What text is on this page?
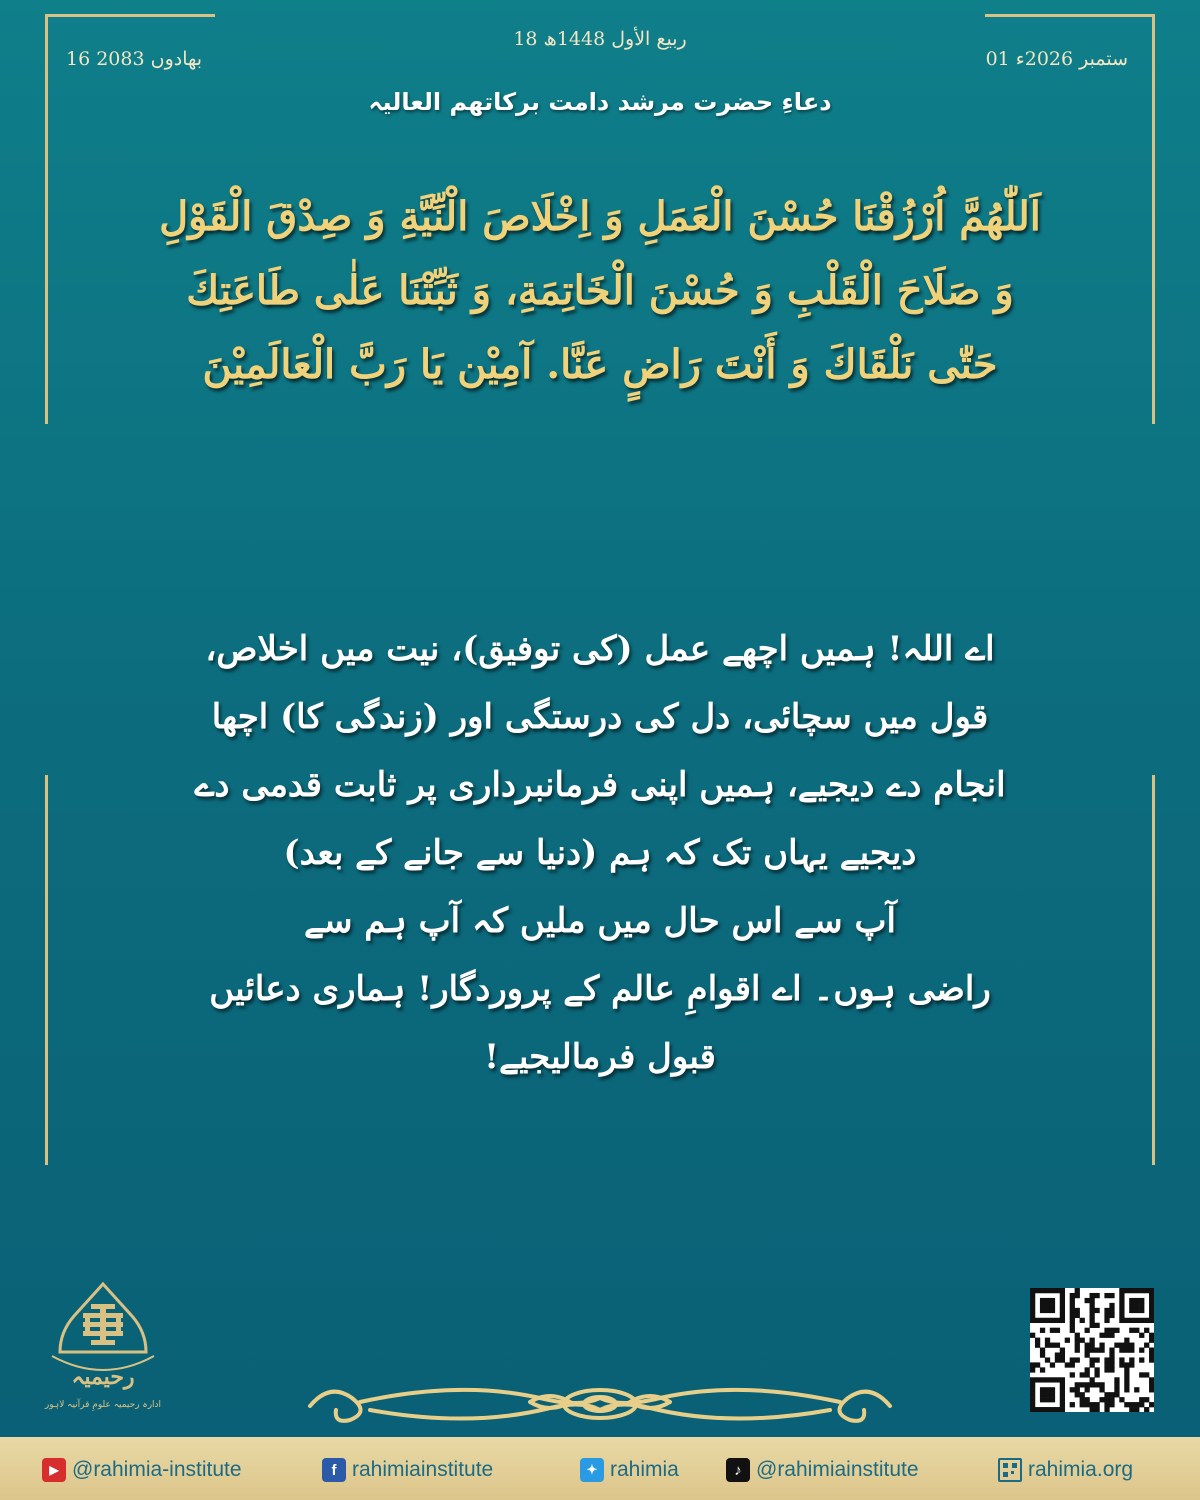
18 ربیع الأول 1448ھ
16 بھادوں 2083	01 ستمبر 2026ء
دعاءِ حضرت مرشد دامت برکاتھم العالیہ
اَللّٰهُمَّ اُرْزُقْنَا حُسْنَ الْعَمَلِ وَ اِخْلَاصَ الْنِّيَّةِ وَ صِدْقَ الْقَوْلِ
وَ صَلَاحَ الْقَلْبِ وَ حُسْنَ الْخَاتِمَةِ، وَ ثَبِّتْنَا عَلٰى طَاعَتِكَ
حَتّٰى نَلْقَاكَ وَ أَنْتَ رَاضٍ عَنَّا. آمِيْن يَا رَبَّ الْعَالَمِيْنَ
اے اللہ! ہمیں اچھے عمل (کی توفیق)، نیت میں اخلاص،
قول میں سچائی، دل کی درستگی اور (زندگی کا) اچھا
انجام دے دیجیے، ہمیں اپنی فرمانبرداری پر ثابت قدمی دے
دیجیے یہاں تک کہ ہم (دنیا سے جانے کے بعد)
آپ سے اس حال میں ملیں کہ آپ ہم سے
راضی ہوں۔ اے اقوامِ عالم کے پروردگار! ہماری دعائیں
قبول فرمالیجیے!
رحیمیہ
ادارہ رحیمیہ علومِ قرآنیہ لاہور
▶ @rahimia-institute	f rahimiainstitute	✦ rahimia	♪ @rahimiainstitute	rahimia.org
